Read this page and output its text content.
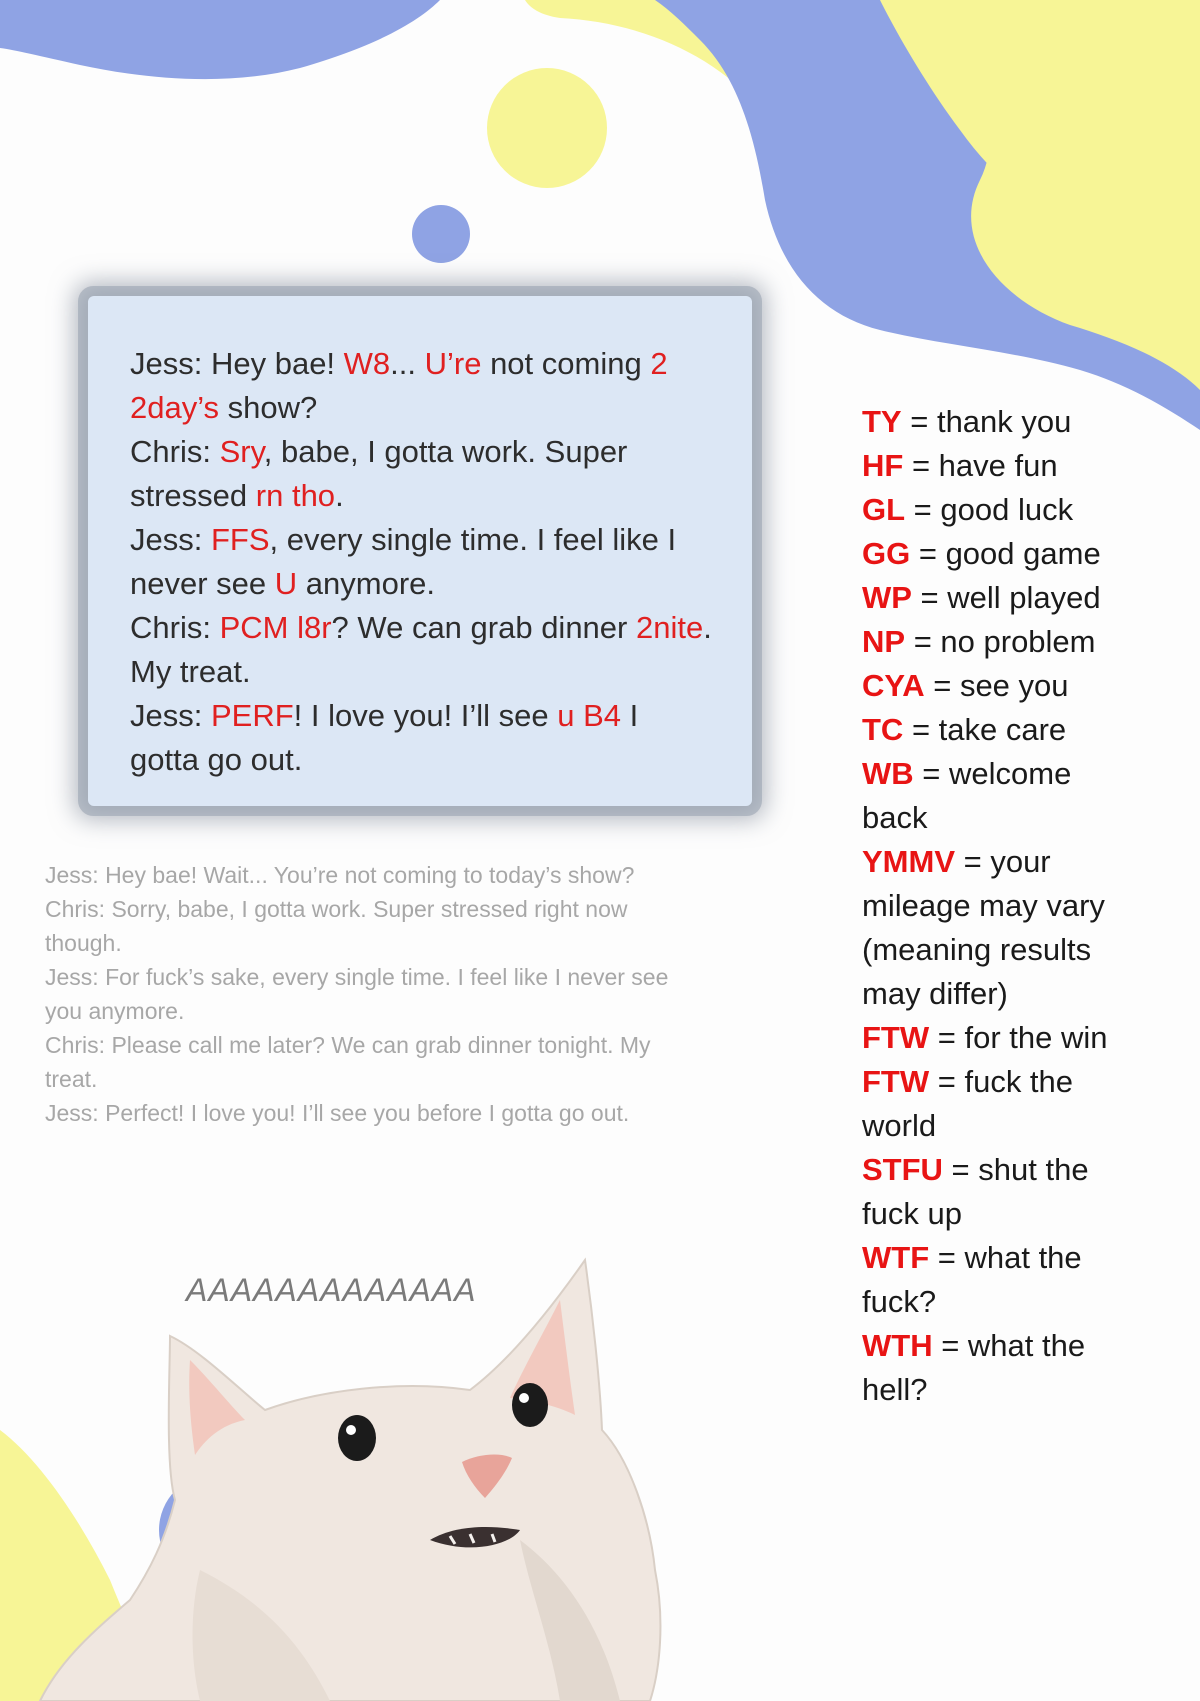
Jess: Hey bae! W8... U’re not coming 2 2day’s show?

Chris: Sry, babe, I gotta work. Super stressed rn tho.

Jess: FFS, every single time. I feel like I never see U anymore.

Chris: PCM l8r? We can grab dinner 2nite. My treat.

Jess: PERF! I love you! I’ll see u B4 I gotta go out.

Jess: Hey bae! Wait... You’re not coming to today’s show?

Chris: Sorry, babe, I gotta work. Super stressed right now though.

Jess: For fuck’s sake, every single time. I feel like I never see you anymore.

Chris: Please call me later? We can grab dinner tonight. My treat.

Jess: Perfect! I love you! I’ll see you before I gotta go out.

TY = thank you

HF = have fun

GL = good luck

GG = good game

WP = well played

NP = no problem

CYA = see you

TC = take care

WB = welcome back

YMMV = your mileage may vary (meaning results may differ)

FTW = for the win

FTW = fuck the world

STFU = shut the fuck up

WTF = what the fuck?

WTH = what the hell?

AAAAAAAAAAAAA
